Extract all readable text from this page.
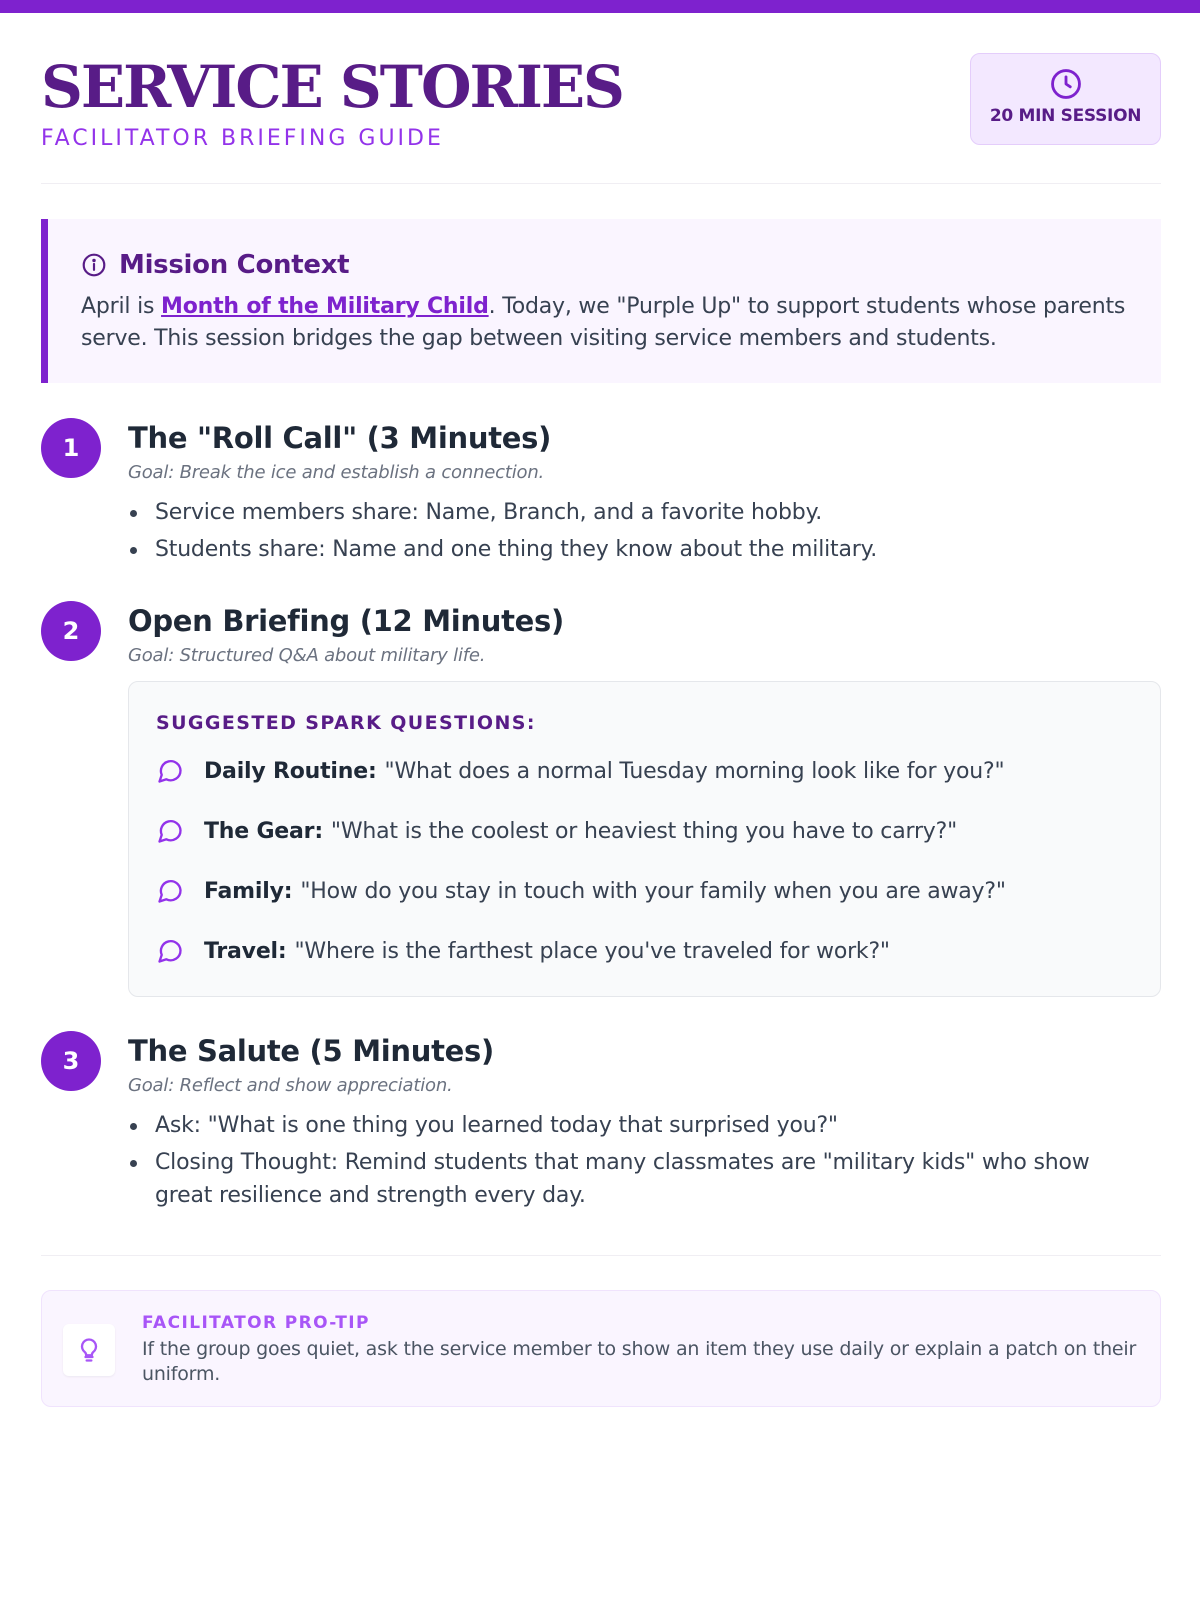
SERVICE STORIES
FACILITATOR BRIEFING GUIDE
20 MIN SESSION
Mission Context
April is Month of the Military Child. Today, we "Purple Up" to support students whose parents serve. This session bridges the gap between visiting service members and students.
1	The "Roll Call" (3 Minutes)
Goal: Break the ice and establish a connection.
Service members share: Name, Branch, and a favorite hobby.
Students share: Name and one thing they know about the military.
2	Open Briefing (12 Minutes)
Goal: Structured Q&A about military life.
SUGGESTED SPARK QUESTIONS:
Daily Routine: "What does a normal Tuesday morning look like for you?"
The Gear: "What is the coolest or heaviest thing you have to carry?"
Family: "How do you stay in touch with your family when you are away?"
Travel: "Where is the farthest place you've traveled for work?"
3	The Salute (5 Minutes)
Goal: Reflect and show appreciation.
Ask: "What is one thing you learned today that surprised you?"
Closing Thought: Remind students that many classmates are "military kids" who show great resilience and strength every day.
FACILITATOR PRO-TIP
If the group goes quiet, ask the service member to show an item they use daily or explain a patch on their uniform.
